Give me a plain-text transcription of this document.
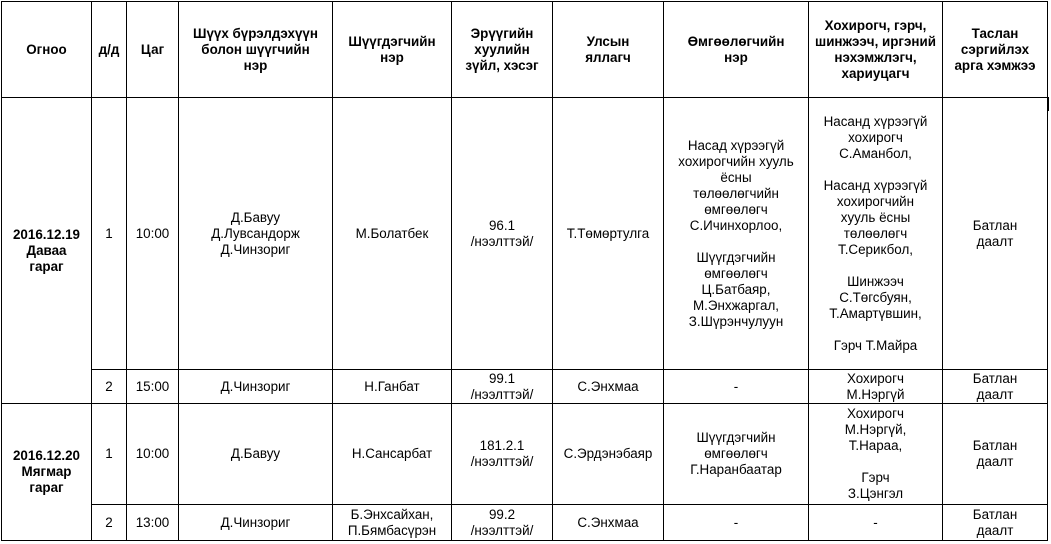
Огноо	д/д	Цаг	Шүүх бүрэлдэхүүн болон шүүгчийн нэр	Шүүгдэгчийн нэр	Эрүүгийн хуулийн зүйл, хэсэг	Улсын яллагч	Өмгөөлөгчийн нэр	Хохирогч, гэрч, шинжээч, иргэний нэхэмжлэгч, хариуцагч	Таслан сэргийлэх арга хэмжээ
2016.12.19
Даваа
гараг	1	10:00	Д.Бавуу
Д.Лувсандорж
Д.Чинзориг	М.Болатбек	96.1
/нээлттэй/	Т.Төмөртулга	Насад хүрээгүй хохирогчийн хууль ёсны төлөөлөгчийн өмгөөлөгч С.Ичинхорлоо,

Шүүгдэгчийн өмгөөлөгч Ц.Батбаяр, М.Энхжаргал, З.Шүрэнчулуун	Насанд хүрээгүй хохирогч С.Аманбол,

Насанд хүрээгүй хохирогчийн хууль ёсны төлөөлөгч Т.Серикбол,

Шинжээч С.Төгсбуян, Т.Амартүвшин,

Гэрч Т.Майра	Батлан даалт
	2	15:00	Д.Чинзориг	Н.Ганбат	99.1
/нээлттэй/	С.Энхмаа	-	Хохирогч
М.Нэргүй	Батлан даалт
2016.12.20
Мягмар
гараг	1	10:00	Д.Бавуу	Н.Сансарбат	181.2.1
/нээлттэй/	С.Эрдэнэбаяр	Шүүгдэгчийн өмгөөлөгч Г.Наранбаатар	Хохирогч
М.Нэргүй,
Т.Нараа,

Гэрч
З.Цэнгэл	Батлан даалт
	2	13:00	Д.Чинзориг	Б.Энхсайхан,
П.Бямбасүрэн	99.2
/нээлттэй/	С.Энхмаа	-	-	Батлан даалт
